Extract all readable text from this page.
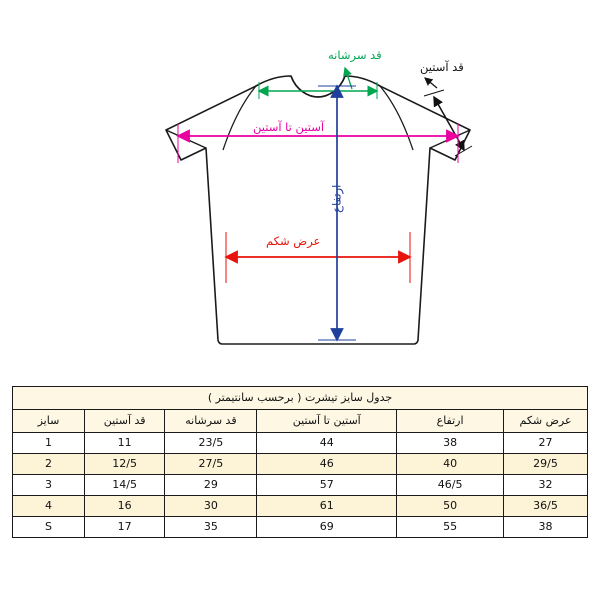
قد سرشانه
قد آستین
آستین تا آستین
عرض شکم
ارتفاع
جدول سایز تیشرت ( برحسب سانتیمتر )					
عرض شکم	ارتفاع	آستین تا آستین	قد سرشانه	قد آستین	سایز
27	38	44	23/5	11	1
29/5	40	46	27/5	12/5	2
32	46/5	57	29	14/5	3
36/5	50	61	30	16	4
38	55	69	35	17	S
